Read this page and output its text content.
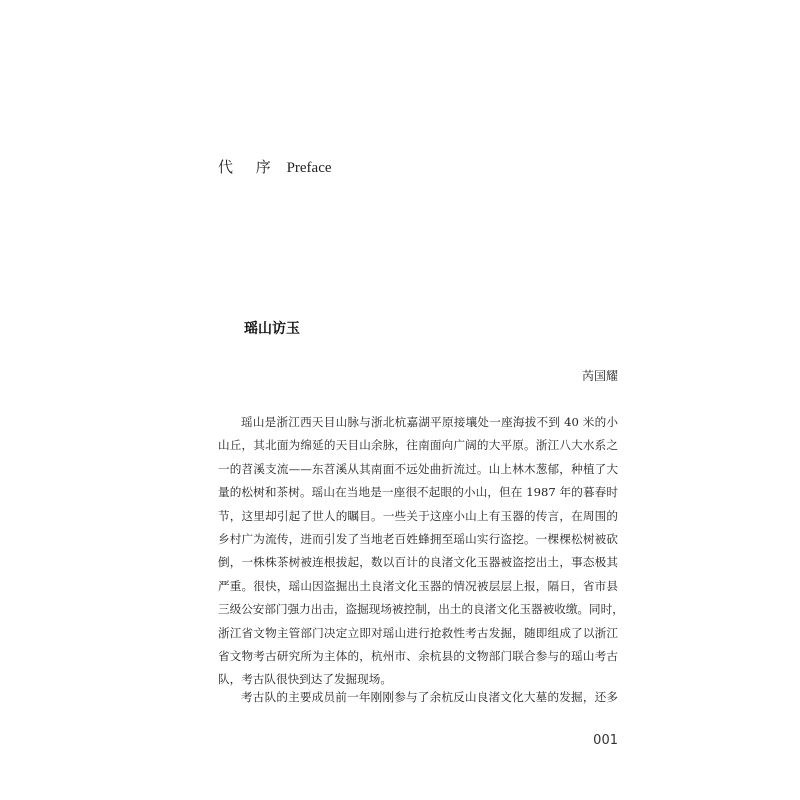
代 序 Preface
瑶山访玉
芮国耀
瑶山是浙江西天目山脉与浙北杭嘉湖平原接壤处一座海拔不到 40 米的小
山丘，其北面为绵延的天目山余脉，往南面向广阔的大平原。浙江八大水系之
一的苕溪支流——东苕溪从其南面不远处曲折流过。山上林木葱郁，种植了大
量的松树和茶树。瑶山在当地是一座很不起眼的小山，但在 1987 年的暮春时
节，这里却引起了世人的瞩目。一些关于这座小山上有玉器的传言，在周围的
乡村广为流传，进而引发了当地老百姓蜂拥至瑶山实行盗挖。一棵棵松树被砍
倒，一株株茶树被连根拔起，数以百计的良渚文化玉器被盗挖出土，事态极其
严重。很快，瑶山因盗掘出土良渚文化玉器的情况被层层上报，隔日，省市县
三级公安部门强力出击，盗掘现场被控制，出土的良渚文化玉器被收缴。同时，
浙江省文物主管部门决定立即对瑶山进行抢救性考古发掘，随即组成了以浙江
省文物考古研究所为主体的，杭州市、余杭县的文物部门联合参与的瑶山考古
队，考古队很快到达了发掘现场。
考古队的主要成员前一年刚刚参与了余杭反山良渚文化大墓的发掘，还多
001
